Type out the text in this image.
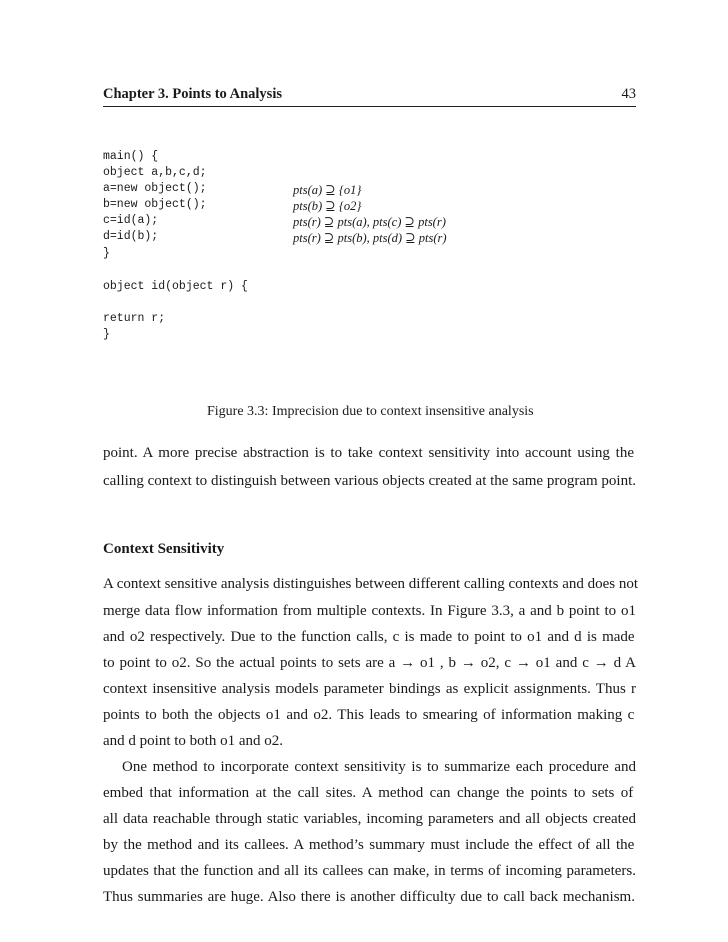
Chapter 3. Points to Analysis	43
main() {
object a,b,c,d;
a=new object();
b=new object();
c=id(a);
d=id(b);
}
object id(object r) {
return r;
}
pts(a) ⊇ {o1}
pts(b) ⊇ {o2}
pts(r) ⊇ pts(a), pts(c) ⊇ pts(r)
pts(r) ⊇ pts(b), pts(d) ⊇ pts(r)
Figure 3.3: Imprecision due to context insensitive analysis
point. A more precise abstraction is to take context sensitivity into account using the
calling context to distinguish between various objects created at the same program point.
Context Sensitivity
A context sensitive analysis distinguishes between different calling contexts and does not
merge data flow information from multiple contexts. In Figure 3.3, a and b point to o1
and o2 respectively. Due to the function calls, c is made to point to o1 and d is made
to point to o2. So the actual points to sets are a → o1 , b → o2, c → o1 and c → d A
context insensitive analysis models parameter bindings as explicit assignments. Thus r
points to both the objects o1 and o2. This leads to smearing of information making c
and d point to both o1 and o2.
One method to incorporate context sensitivity is to summarize each procedure and
embed that information at the call sites. A method can change the points to sets of
all data reachable through static variables, incoming parameters and all objects created
by the method and its callees. A method’s summary must include the effect of all the
updates that the function and all its callees can make, in terms of incoming parameters.
Thus summaries are huge. Also there is another difficulty due to call back mechanism.
